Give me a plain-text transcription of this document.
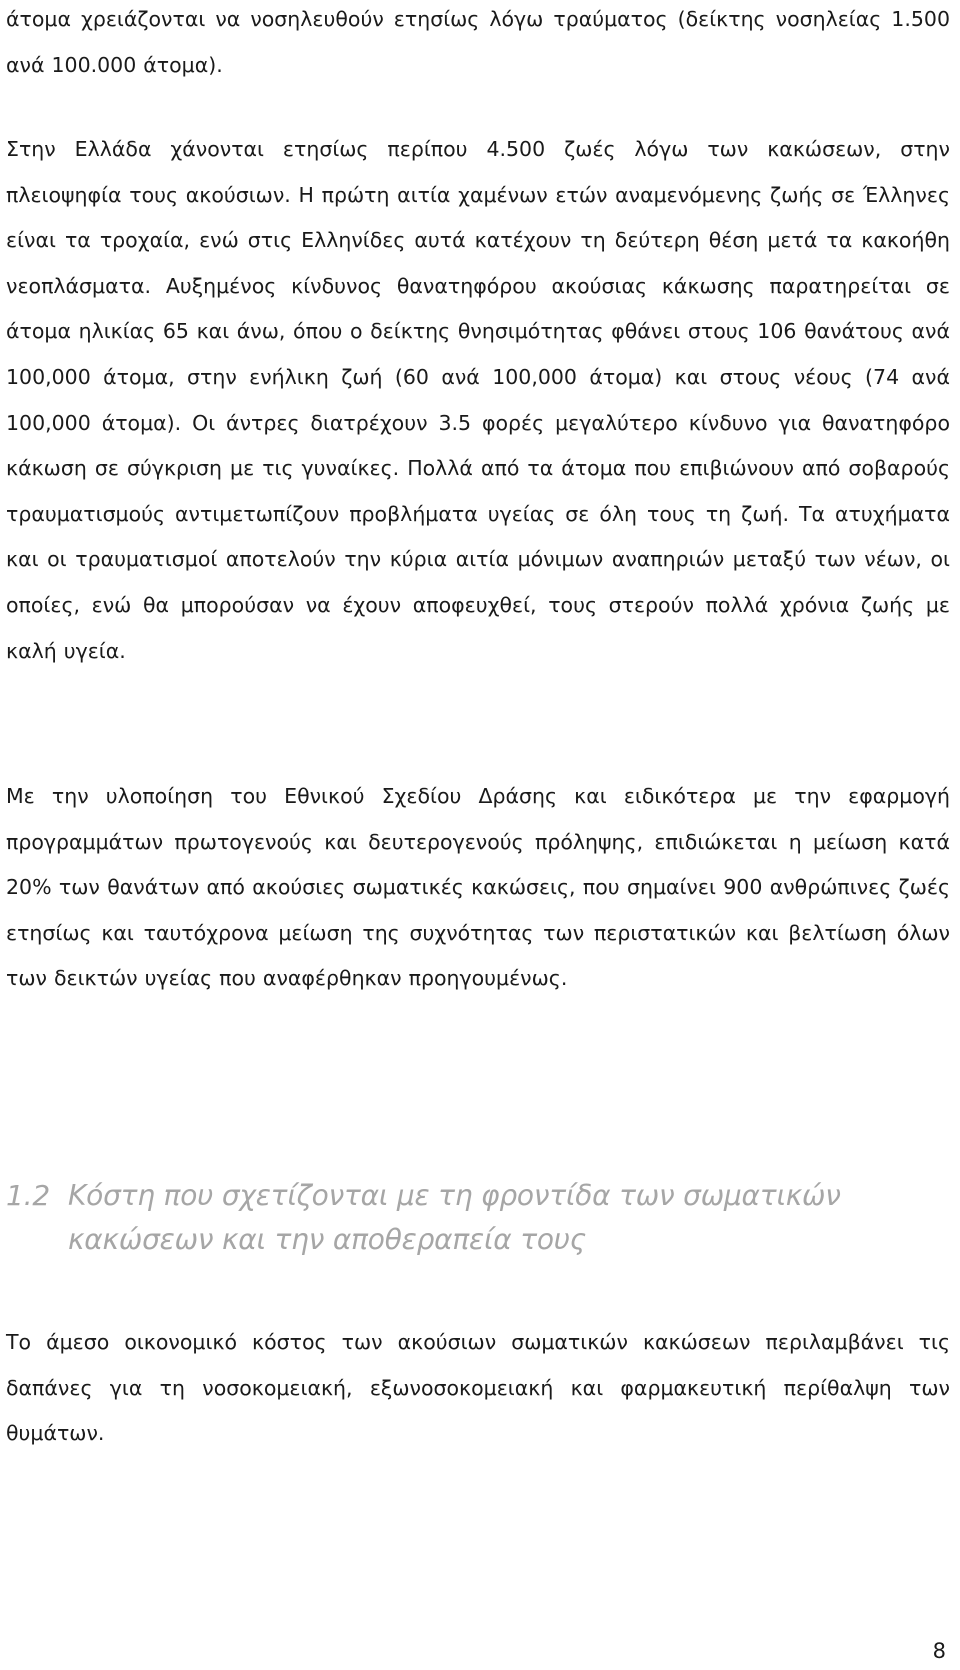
άτομα χρειάζονται να νοσηλευθούν ετησίως λόγω τραύματος (δείκτης νοσηλείας 1.500 ανά 100.000 άτομα).

Στην Ελλάδα χάνονται ετησίως περίπου 4.500 ζωές λόγω των κακώσεων, στην πλειοψηφία τους ακούσιων. Η πρώτη αιτία χαμένων ετών αναμενόμενης ζωής σε Έλληνες είναι τα τροχαία, ενώ στις Ελληνίδες αυτά κατέχουν τη δεύτερη θέση μετά τα κακοήθη νεοπλάσματα. Αυξημένος κίνδυνος θανατηφόρου ακούσιας κάκωσης παρατηρείται σε άτομα ηλικίας 65 και άνω, όπου ο δείκτης θνησιμότητας φθάνει στους 106 θανάτους ανά 100,000 άτομα, στην ενήλικη ζωή (60 ανά 100,000 άτομα) και στους νέους (74 ανά 100,000 άτομα). Οι άντρες διατρέχουν 3.5 φορές μεγαλύτερο κίνδυνο για θανατηφόρο κάκωση σε σύγκριση με τις γυναίκες. Πολλά από τα άτομα που επιβιώνουν από σοβαρούς τραυματισμούς αντιμετωπίζουν προβλήματα υγείας σε όλη τους τη ζωή. Τα ατυχήματα και οι τραυματισμοί αποτελούν την κύρια αιτία μόνιμων αναπηριών μεταξύ των νέων, οι οποίες, ενώ θα μπορούσαν να έχουν αποφευχθεί, τους στερούν πολλά χρόνια ζωής με καλή υγεία.

Με την υλοποίηση του Εθνικού Σχεδίου Δράσης και ειδικότερα με την εφαρμογή προγραμμάτων πρωτογενούς και δευτερογενούς πρόληψης, επιδιώκεται η μείωση κατά 20% των θανάτων από ακούσιες σωματικές κακώσεις, που σημαίνει 900 ανθρώπινες ζωές ετησίως και ταυτόχρονα μείωση της συχνότητας των περιστατικών και βελτίωση όλων των δεικτών υγείας που αναφέρθηκαν προηγουμένως.

1.2 Κόστη που σχετίζονται με τη φροντίδα των σωματικών
κακώσεων και την αποθεραπεία τους

Το άμεσο οικονομικό κόστος των ακούσιων σωματικών κακώσεων περιλαμβάνει τις δαπάνες για τη νοσοκομειακή, εξωνοσοκομειακή και φαρμακευτική περίθαλψη των θυμάτων.

8
